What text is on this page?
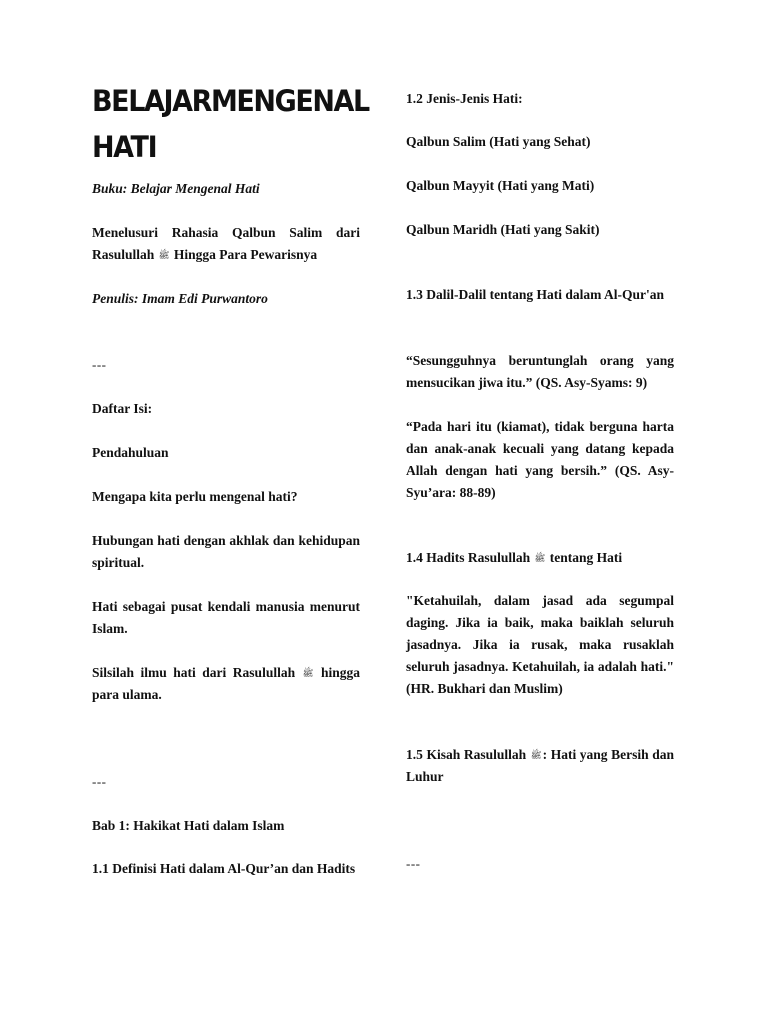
BELAJAR MENGENAL
HATI

Buku: Belajar Mengenal Hati

Menelusuri Rahasia Qalbun Salim dari Rasulullah ﷺ Hingga Para Pewarisnya

Penulis: Imam Edi Purwantoro

---

Daftar Isi:

Pendahuluan

Mengapa kita perlu mengenal hati?

Hubungan hati dengan akhlak dan kehidupan spiritual.

Hati sebagai pusat kendali manusia menurut Islam.

Silsilah ilmu hati dari Rasulullah ﷺ hingga para ulama.

---

Bab 1: Hakikat Hati dalam Islam

1.1 Definisi Hati dalam Al-Qur’an dan Hadits

1.2 Jenis-Jenis Hati:

Qalbun Salim (Hati yang Sehat)

Qalbun Mayyit (Hati yang Mati)

Qalbun Maridh (Hati yang Sakit)

1.3 Dalil-Dalil tentang Hati dalam Al-Qur'an

“Sesungguhnya beruntunglah orang yang mensucikan jiwa itu.” (QS. Asy-Syams: 9)

“Pada hari itu (kiamat), tidak berguna harta dan anak-anak kecuali yang datang kepada Allah dengan hati yang bersih.” (QS. Asy-Syu’ara: 88-89)

1.4 Hadits Rasulullah ﷺ tentang Hati

"Ketahuilah, dalam jasad ada segumpal daging. Jika ia baik, maka baiklah seluruh jasadnya. Jika ia rusak, maka rusaklah seluruh jasadnya. Ketahuilah, ia adalah hati." (HR. Bukhari dan Muslim)

1.5 Kisah Rasulullah ﷺ: Hati yang Bersih dan Luhur

---
